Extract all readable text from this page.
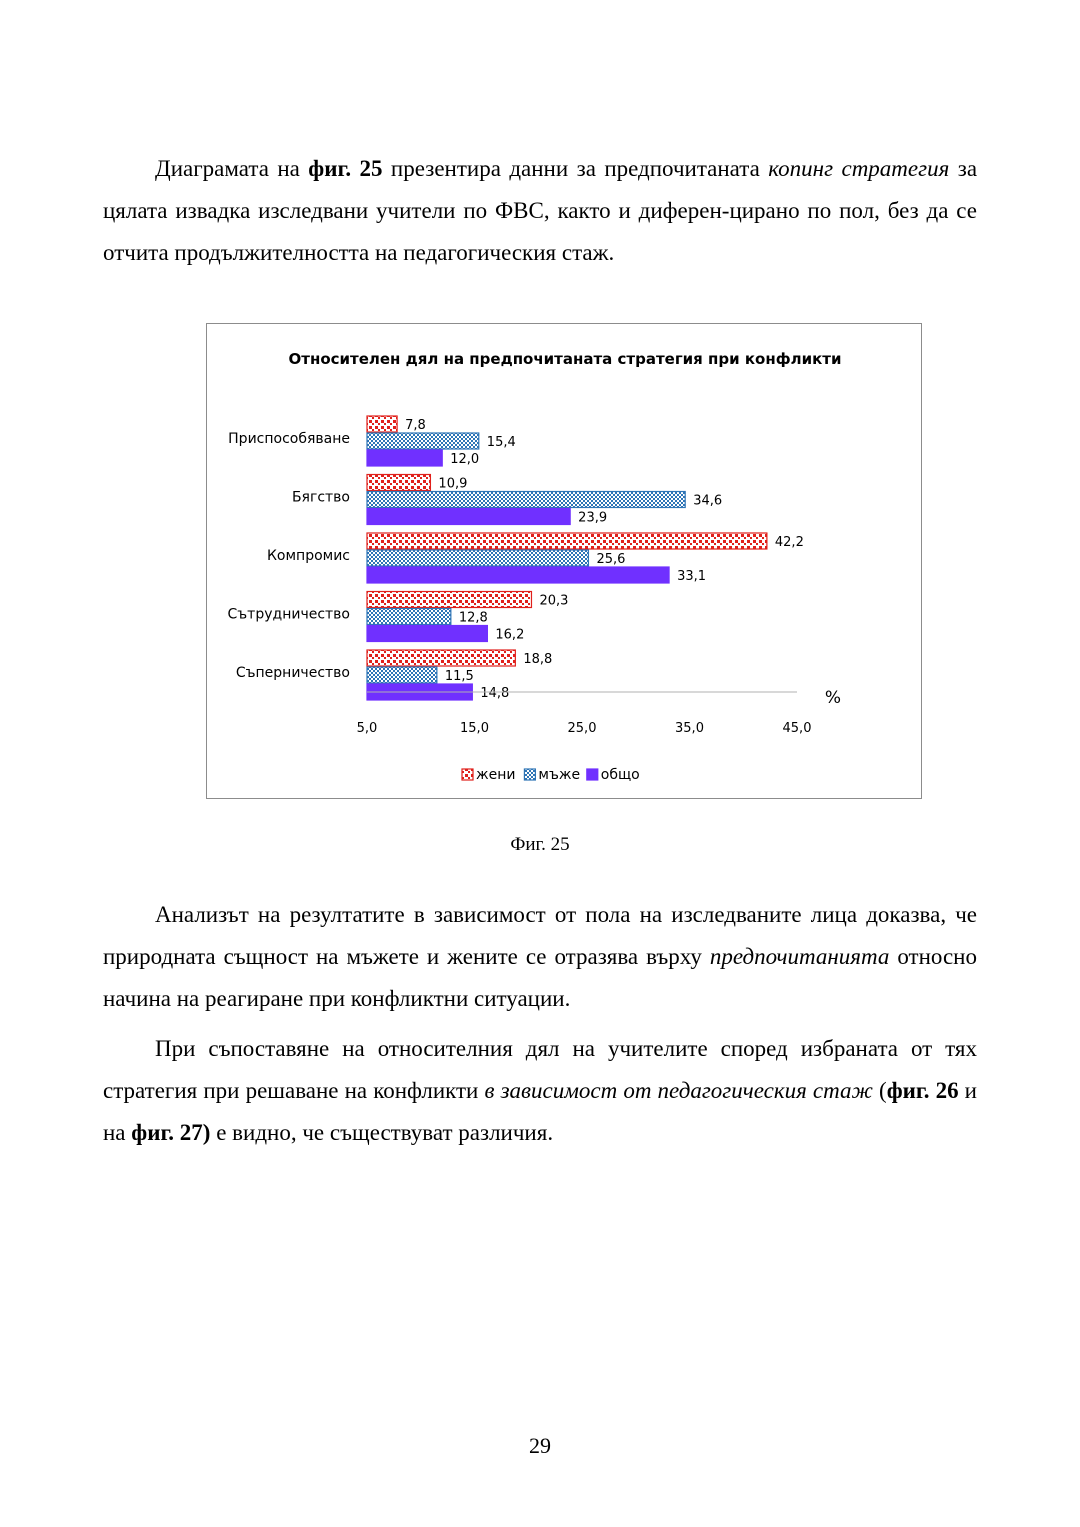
Диаграмата на фиг. 25 презентира данни за предпочитаната копинг стратегия за цялата извадка изследвани учители по ФВС, както и диферен-цирано по пол, без да се отчита продължителността на педагогическия стаж.

Относителен дял на предпочитаната стратегия при конфликти
Приспособяване
7,8
15,4
12,0
Бягство
10,9
34,6
23,9
Компромис
42,2
25,6
33,1
Сътрудничество
20,3
12,8
16,2
Съперничество
18,8
11,5
14,8
5,0	15,0	25,0	35,0	45,0
%
жени мъже общо
Фиг. 25

Анализът на резултатите в зависимост от пола на изследваните лица доказва, че природната същност на мъжете и жените се отразява върху предпочитанията относно начина на реагиране при конфликтни ситуации.

При съпоставяне на относителния дял на учителите според избраната от тях стратегия при решаване на конфликти в зависимост от педагогическия стаж (фиг. 26 и на фиг. 27) е видно, че съществуват различия.

29
